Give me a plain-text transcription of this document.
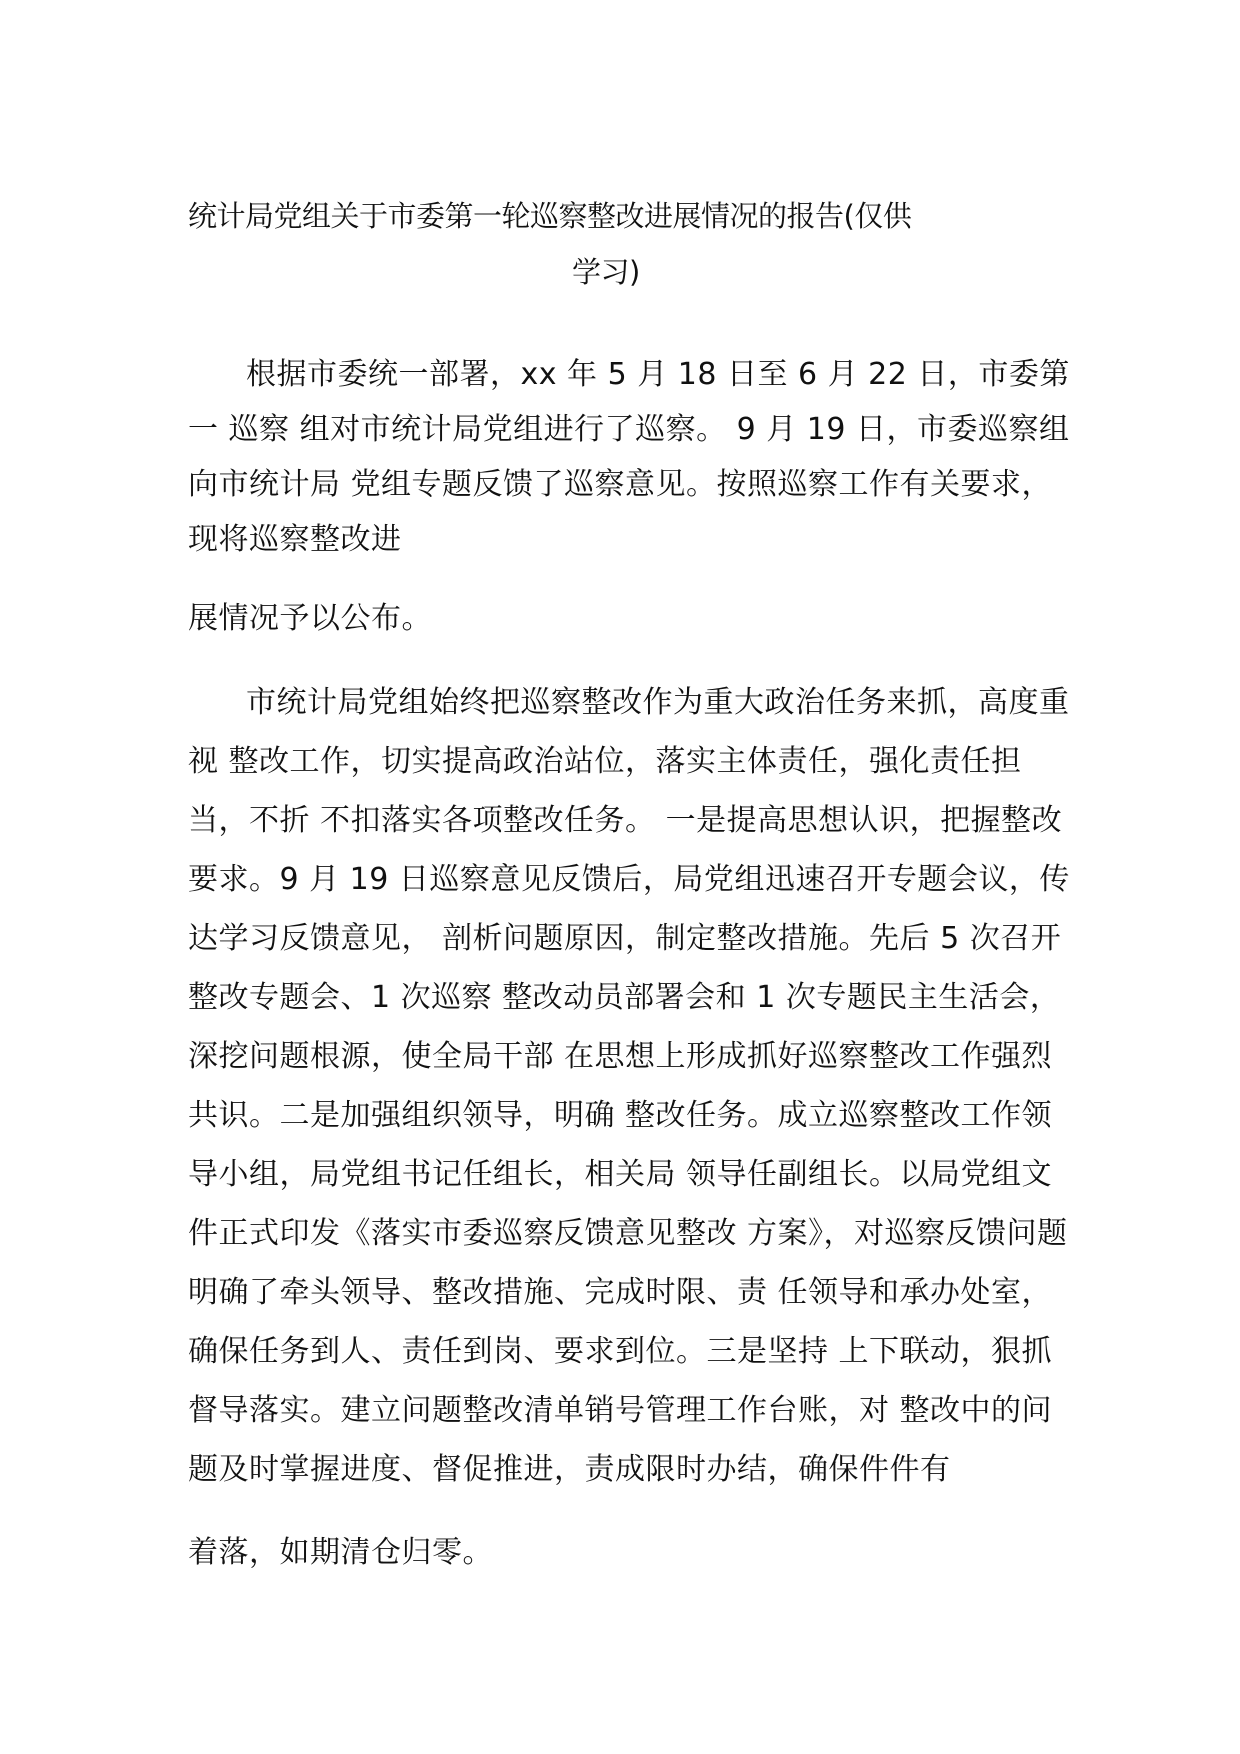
统计局党组关于市委第一轮巡察整改进展情况的报告(仅供
学习)

根据市委统一部署，xx 年 5 月 18 日至 6 月 22 日，市委第

一 巡察 组对市统计局党组进行了巡察。 9 月 19 日，市委巡察组

向市统计局 党组专题反馈了巡察意见。按照巡察工作有关要求，

现将巡察整改进

展情况予以公布。

市统计局党组始终把巡察整改作为重大政治任务来抓，高度重

视 整改工作，切实提高政治站位，落实主体责任，强化责任担

当，不折 不扣落实各项整改任务。 一是提高思想认识，把握整改

要求。9 月 19 日巡察意见反馈后，局党组迅速召开专题会议，传

达学习反馈意见， 剖析问题原因，制定整改措施。先后 5 次召开

整改专题会、1 次巡察 整改动员部署会和 1 次专题民主生活会，

深挖问题根源，使全局干部 在思想上形成抓好巡察整改工作强烈

共识。二是加强组织领导，明确 整改任务。成立巡察整改工作领

导小组，局党组书记任组长，相关局 领导任副组长。以局党组文

件正式印发《落实市委巡察反馈意见整改 方案》，对巡察反馈问题

明确了牵头领导、整改措施、完成时限、责 任领导和承办处室，

确保任务到人、责任到岗、要求到位。三是坚持 上下联动，狠抓

督导落实。建立问题整改清单销号管理工作台账，对 整改中的问

题及时掌握进度、督促推进，责成限时办结，确保件件有

着落，如期清仓归零。
